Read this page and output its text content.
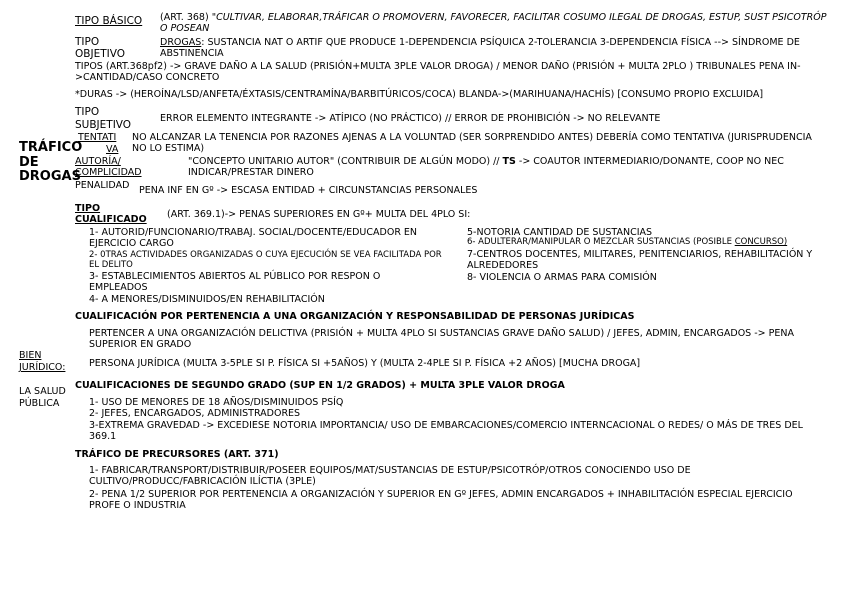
TRÁFICO DE DROGAS
BIEN JURÍDICO:
LA SALUD PÚBLICA
TIPO BÁSICO (ART. 368) "CULTIVAR, ELABORAR,TRÁFICAR O PROMOVERN, FAVORECER, FACILITAR COSUMO ILEGAL DE DROGAS, ESTUP, SUST PSICOTRÓP O POSEAN
TIPO OBJETIVO
DROGAS: SUSTANCIA NAT O ARTIF QUE PRODUCE 1-DEPENDENCIA PSÍQUICA 2-TOLERANCIA 3-DEPENDENCIA FÍSICA --> SÍNDROME DE ABSTINENCIA
TIPOS (ART.368pf2) -> GRAVE DAÑO A LA SALUD (PRISIÓN+MULTA 3PLE VALOR DROGA) / MENOR DAÑO (PRISIÓN + MULTA 2PLO ) TRIBUNALES PENA IN->CANTIDAD/CASO CONCRETO
*DURAS -> (HEROÍNA/LSD/ANFETA/ÉXTASIS/CENTRAMÍNA/BARBITÚRICOS/COCA) BLANDA->(MARIHUANA/HACHÍS) [CONSUMO PROPIO EXCLUIDA]
TIPO SUBJETIVO	ERROR ELEMENTO INTEGRANTE -> ATÍPICO (NO PRÁCTICO) // ERROR DE PROHIBICIÓN -> NO RELEVANTE
TENTATI
VA
NO ALCANZAR LA TENENCIA POR RAZONES AJENAS A LA VOLUNTAD (SER SORPRENDIDO ANTES) DEBERÍA COMO TENTATIVA (JURISPRUDENCIA NO LO ESTIMA)
AUTORÍA/ COMPLICIDAD
"CONCEPTO UNITARIO AUTOR" (CONTRIBUIR DE ALGÚN MODO) // TS -> COAUTOR INTERMEDIARIO/DONANTE, COOP NO NEC INDICAR/PRESTAR DINERO
PENALIDAD PENA INF EN Gº -> ESCASA ENTIDAD + CIRCUNSTANCIAS PERSONALES
TIPO CUALIFICADO	(ART. 369.1)-> PENAS SUPERIORES EN Gº+ MULTA DEL 4PLO SI:
1- AUTORID/FUNCIONARIO/TRABAJ. SOCIAL/DOCENTE/EDUCADOR EN EJERCICIO CARGO
2- 0TRAS ACTIVIDADES ORGANIZADAS O CUYA EJECUCIÓN SE VEA FACILITADA POR EL DELITO
3- ESTABLECIMIENTOS ABIERTOS AL PÚBLICO POR RESPON O EMPLEADOS
4- A MENORES/DISMINUIDOS/EN REHABILITACIÓN
5-NOTORIA CANTIDAD DE SUSTANCIAS
6- ADULTERAR/MANIPULAR O MEZCLAR SUSTANCIAS (POSIBLE CONCURSO)
7-CENTROS DOCENTES, MILITARES, PENITENCIARIOS, REHABILITACIÓN Y ALREDEDORES
8- VIOLENCIA O ARMAS PARA COMISIÓN
CUALIFICACIÓN POR PERTENENCIA A UNA ORGANIZACIÓN Y RESPONSABILIDAD DE PERSONAS JURÍDICAS
PERTENCER A UNA ORGANIZACIÓN DELICTIVA (PRISIÓN + MULTA 4PLO SI SUSTANCIAS GRAVE DAÑO SALUD) / JEFES, ADMIN, ENCARGADOS -> PENA SUPERIOR EN GRADO
PERSONA JURÍDICA (MULTA 3-5PLE SI P. FÍSICA SI +5AÑOS) Y (MULTA 2-4PLE SI P. FÍSICA +2 AÑOS) [MUCHA DROGA]
CUALIFICACIONES DE SEGUNDO GRADO (SUP EN 1/2 GRADOS) + MULTA 3PLE VALOR DROGA
1- USO DE MENORES DE 18 AÑOS/DISMINUIDOS PSÍQ
2- JEFES, ENCARGADOS, ADMINISTRADORES
3-EXTREMA GRAVEDAD -> EXCEDIESE NOTORIA IMPORTANCIA/ USO DE EMBARCACIONES/COMERCIO INTERNCACIONAL O REDES/ O MÁS DE TRES DEL 369.1
TRÁFICO DE PRECURSORES (ART. 371)
1- FABRICAR/TRANSPORT/DISTRIBUIR/POSEER EQUIPOS/MAT/SUSTANCIAS DE ESTUP/PSICOTRÓP/OTROS CONOCIENDO USO DE CULTIVO/PRODUCC/FABRICACIÓN ILÍCTIA (3PLE)
2- PENA 1/2 SUPERIOR POR PERTENENCIA A ORGANIZACIÓN Y SUPERIOR EN Gº JEFES, ADMIN ENCARGADOS + INHABILITACIÓN ESPECIAL EJERCICIO PROFE O INDUSTRIA
